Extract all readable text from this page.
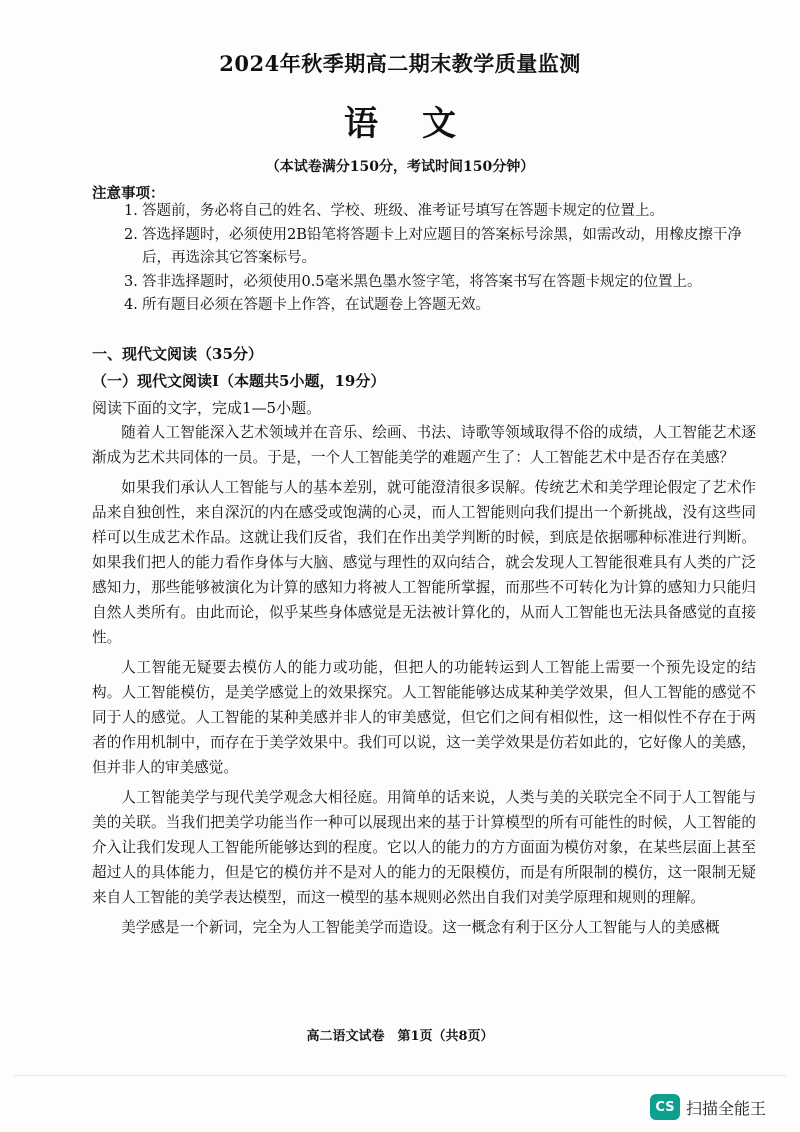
2024年秋季期高二期末教学质量监测
语文
（本试卷满分150分，考试时间150分钟）
注意事项：
1. 答题前，务必将自己的姓名、学校、班级、准考证号填写在答题卡规定的位置上。
2. 答选择题时，必须使用2B铅笔将答题卡上对应题目的答案标号涂黑，如需改动，用橡皮擦干净后，再选涂其它答案标号。
3. 答非选择题时，必须使用0.5毫米黑色墨水签字笔，将答案书写在答题卡规定的位置上。
4. 所有题目必须在答题卡上作答，在试题卷上答题无效。
一、现代文阅读（35分）
（一）现代文阅读Ⅰ（本题共5小题，19分）
阅读下面的文字，完成1—5小题。

随着人工智能深入艺术领域并在音乐、绘画、书法、诗歌等领域取得不俗的成绩，人工智能艺术逐渐成为艺术共同体的一员。于是，一个人工智能美学的难题产生了：人工智能艺术中是否存在美感？

如果我们承认人工智能与人的基本差别，就可能澄清很多误解。传统艺术和美学理论假定了艺术作品来自独创性，来自深沉的内在感受或饱满的心灵，而人工智能则向我们提出一个新挑战，没有这些同样可以生成艺术作品。这就让我们反省，我们在作出美学判断的时候，到底是依据哪种标准进行判断。如果我们把人的能力看作身体与大脑、感觉与理性的双向结合，就会发现人工智能很难具有人类的广泛感知力，那些能够被演化为计算的感知力将被人工智能所掌握，而那些不可转化为计算的感知力只能归自然人类所有。由此而论，似乎某些身体感觉是无法被计算化的，从而人工智能也无法具备感觉的直接性。

人工智能无疑要去模仿人的能力或功能，但把人的功能转运到人工智能上需要一个预先设定的结构。人工智能模仿，是美学感觉上的效果探究。人工智能能够达成某种美学效果，但人工智能的感觉不同于人的感觉。人工智能的某种美感并非人的审美感觉，但它们之间有相似性，这一相似性不存在于两者的作用机制中，而存在于美学效果中。我们可以说，这一美学效果是仿若如此的，它好像人的美感，但并非人的审美感觉。

人工智能美学与现代美学观念大相径庭。用简单的话来说，人类与美的关联完全不同于人工智能与美的关联。当我们把美学功能当作一种可以展现出来的基于计算模型的所有可能性的时候，人工智能的介入让我们发现人工智能所能够达到的程度。它以人的能力的方方面面为模仿对象，在某些层面上甚至超过人的具体能力，但是它的模仿并不是对人的能力的无限模仿，而是有所限制的模仿，这一限制无疑来自人工智能的美学表达模型，而这一模型的基本规则必然出自我们对美学原理和规则的理解。

美学感是一个新词，完全为人工智能美学而造设。这一概念有利于区分人工智能与人的美感概

高二语文试卷　第1页（共8页）
CS 扫描全能王
